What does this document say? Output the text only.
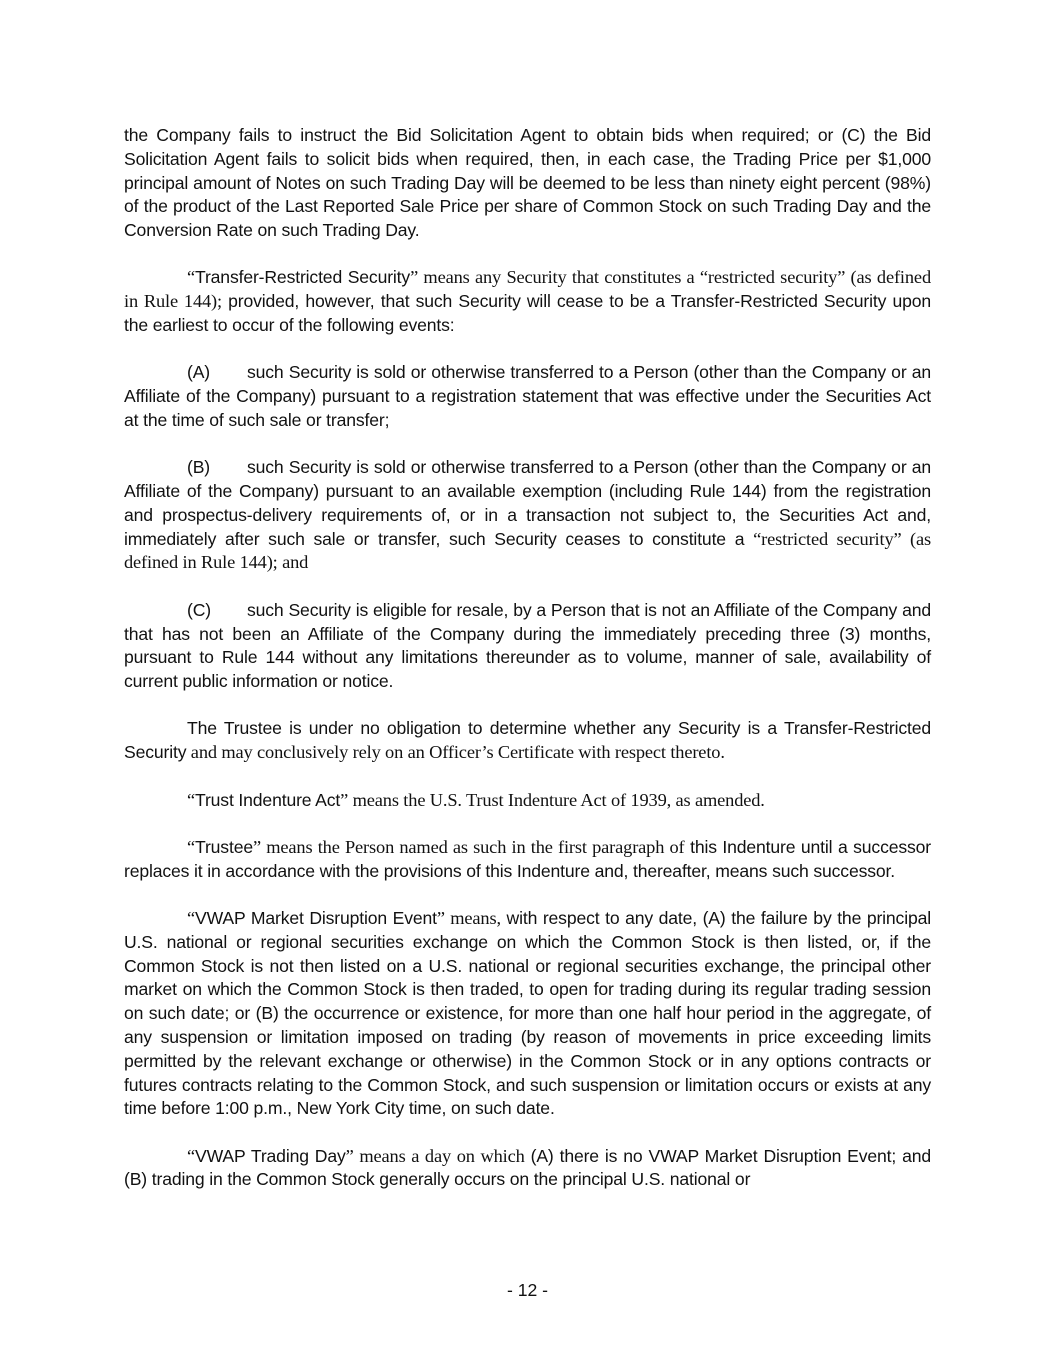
the Company fails to instruct the Bid Solicitation Agent to obtain bids when required; or (C) the Bid Solicitation Agent fails to solicit bids when required, then, in each case, the Trading Price per $1,000 principal amount of Notes on such Trading Day will be deemed to be less than ninety eight percent (98%) of the product of the Last Reported Sale Price per share of Common Stock on such Trading Day and the Conversion Rate on such Trading Day.

“Transfer-Restricted Security” means any Security that constitutes a “restricted security” (as defined in Rule 144); provided, however, that such Security will cease to be a Transfer-Restricted Security upon the earliest to occur of the following events:

(A) such Security is sold or otherwise transferred to a Person (other than the Company or an Affiliate of the Company) pursuant to a registration statement that was effective under the Securities Act at the time of such sale or transfer;

(B) such Security is sold or otherwise transferred to a Person (other than the Company or an Affiliate of the Company) pursuant to an available exemption (including Rule 144) from the registration and prospectus-delivery requirements of, or in a transaction not subject to, the Securities Act and, immediately after such sale or transfer, such Security ceases to constitute a “restricted security” (as defined in Rule 144); and

(C) such Security is eligible for resale, by a Person that is not an Affiliate of the Company and that has not been an Affiliate of the Company during the immediately preceding three (3) months, pursuant to Rule 144 without any limitations thereunder as to volume, manner of sale, availability of current public information or notice.

The Trustee is under no obligation to determine whether any Security is a Transfer-Restricted Security and may conclusively rely on an Officer’s Certificate with respect thereto.

“Trust Indenture Act” means the U.S. Trust Indenture Act of 1939, as amended.

“Trustee” means the Person named as such in the first paragraph of this Indenture until a successor replaces it in accordance with the provisions of this Indenture and, thereafter, means such successor.

“VWAP Market Disruption Event” means, with respect to any date, (A) the failure by the principal U.S. national or regional securities exchange on which the Common Stock is then listed, or, if the Common Stock is not then listed on a U.S. national or regional securities exchange, the principal other market on which the Common Stock is then traded, to open for trading during its regular trading session on such date; or (B) the occurrence or existence, for more than one half hour period in the aggregate, of any suspension or limitation imposed on trading (by reason of movements in price exceeding limits permitted by the relevant exchange or otherwise) in the Common Stock or in any options contracts or futures contracts relating to the Common Stock, and such suspension or limitation occurs or exists at any time before 1:00 p.m., New York City time, on such date.

“VWAP Trading Day” means a day on which (A) there is no VWAP Market Disruption Event; and (B) trading in the Common Stock generally occurs on the principal U.S. national or

- 12 -
